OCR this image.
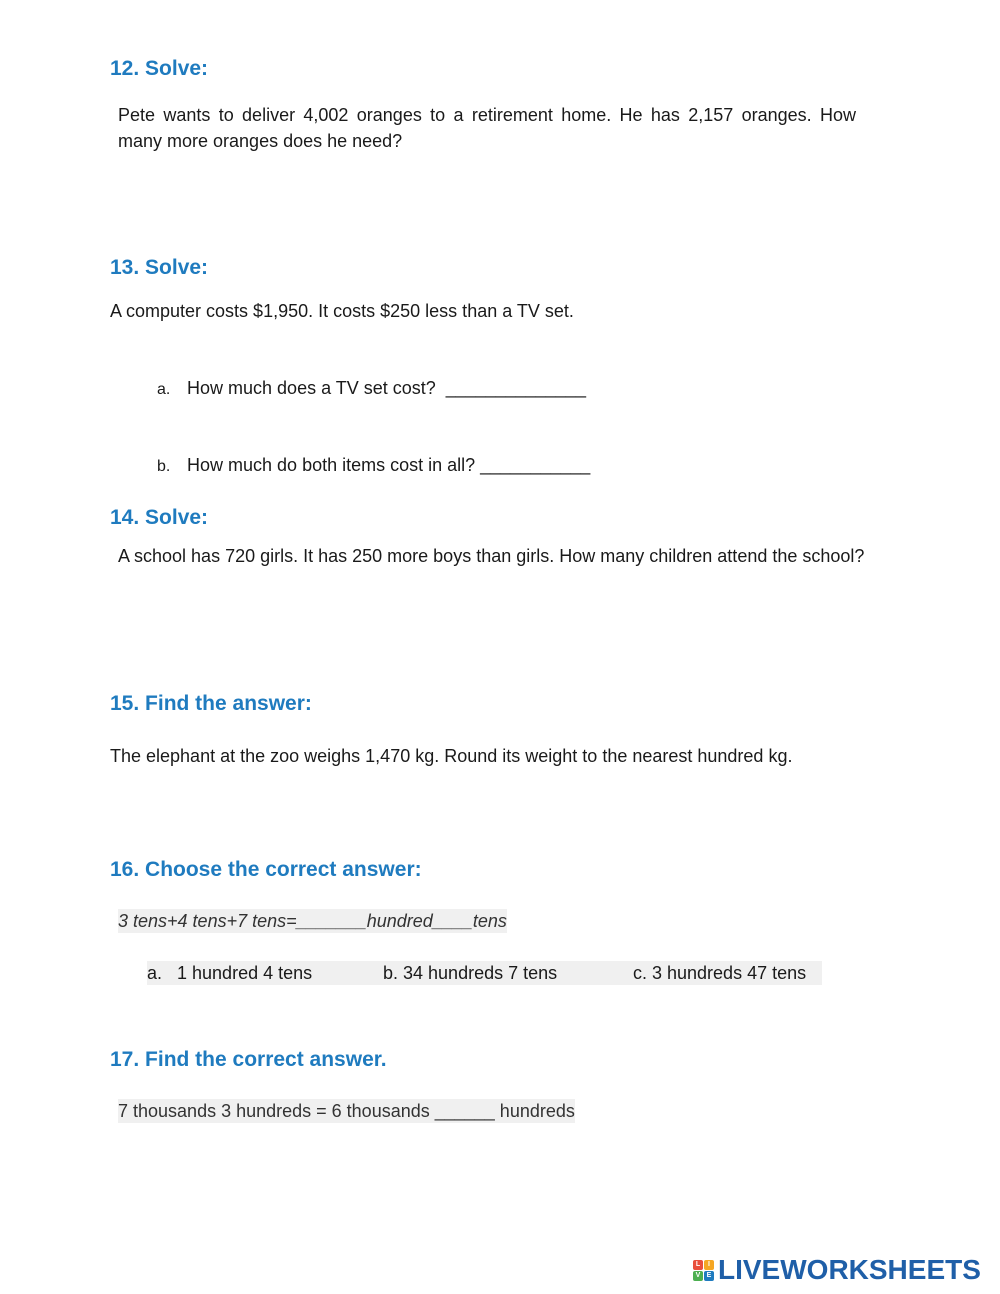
12. Solve:
Pete wants to deliver 4,002 oranges to a retirement home. He has 2,157 oranges. How many more oranges does he need?
13. Solve:
A computer costs $1,950. It costs $250 less than a TV set.

a. How much does a TV set cost?  ______________

b. How much do both items cost in all? ___________

14. Solve:
A school has 720 girls. It has 250 more boys than girls. How many children attend the school?
15. Find the answer:
The elephant at the zoo weighs 1,470 kg. Round its weight to the nearest hundred kg.
16. Choose the correct answer:
3 tens+4 tens+7 tens=_______hundred____tens
a.   1 hundred 4 tens	b. 34 hundreds 7 tens	c. 3 hundreds 47 tens
17. Find the correct answer.
7 thousands 3 hundreds = 6 thousands ______ hundreds
L	I
V E LIVEWORKSHEETS
